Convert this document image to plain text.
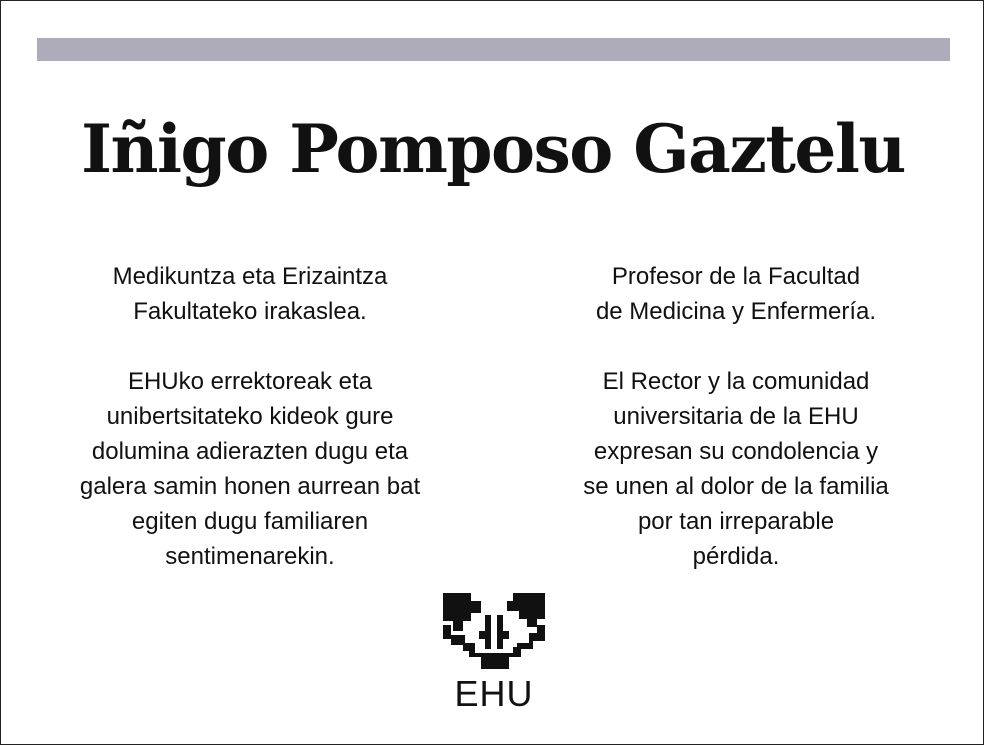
Iñigo Pomposo Gaztelu

Medikuntza eta Erizaintza
Fakultateko irakaslea.

EHUko errektoreak eta
unibertsitateko kideok gure
dolumina adierazten dugu eta
galera samin honen aurrean bat
egiten dugu familiaren
sentimenarekin.

Profesor de la Facultad
de Medicina y Enfermería.

El Rector y la comunidad
universitaria de la EHU
expresan su condolencia y
se unen al dolor de la familia
por tan irreparable
pérdida.

EHU
